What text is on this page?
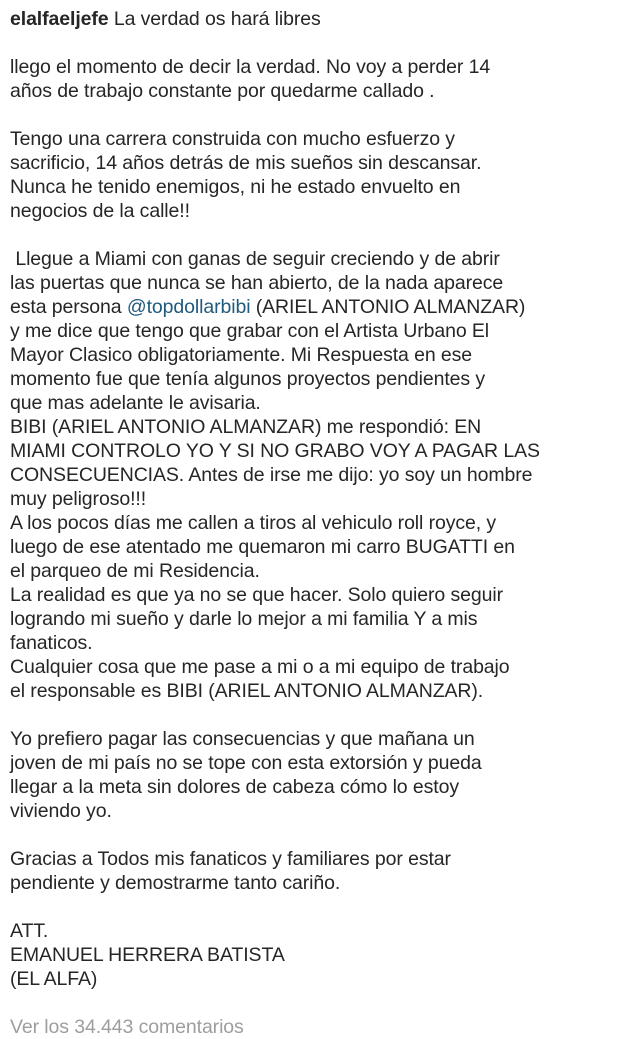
elalfaeljefe La verdad os hará libres
llego el momento de decir la verdad. No voy a perder 14
años de trabajo constante por quedarme callado .
Tengo una carrera construida con mucho esfuerzo y
sacrificio, 14 años detrás de mis sueños sin descansar.
Nunca he tenido enemigos, ni he estado envuelto en
negocios de la calle!!
Llegue a Miami con ganas de seguir creciendo y de abrir
las puertas que nunca se han abierto, de la nada aparece
esta persona @topdollarbibi (ARIEL ANTONIO ALMANZAR)
y me dice que tengo que grabar con el Artista Urbano El
Mayor Clasico obligatoriamente. Mi Respuesta en ese
momento fue que tenía algunos proyectos pendientes y
que mas adelante le avisaria.
BIBI (ARIEL ANTONIO ALMANZAR) me respondió: EN
MIAMI CONTROLO YO Y SI NO GRABO VOY A PAGAR LAS
CONSECUENCIAS. Antes de irse me dijo: yo soy un hombre
muy peligroso!!!
A los pocos días me callen a tiros al vehiculo roll royce, y
luego de ese atentado me quemaron mi carro BUGATTI en
el parqueo de mi Residencia.
La realidad es que ya no se que hacer. Solo quiero seguir
logrando mi sueño y darle lo mejor a mi familia Y a mis
fanaticos.
Cualquier cosa que me pase a mi o a mi equipo de trabajo
el responsable es BIBI (ARIEL ANTONIO ALMANZAR).
Yo prefiero pagar las consecuencias y que mañana un
joven de mi país no se tope con esta extorsión y pueda
llegar a la meta sin dolores de cabeza cómo lo estoy
viviendo yo.
Gracias a Todos mis fanaticos y familiares por estar
pendiente y demostrarme tanto cariño.
ATT.
EMANUEL HERRERA BATISTA
(EL ALFA)
Ver los 34.443 comentarios
